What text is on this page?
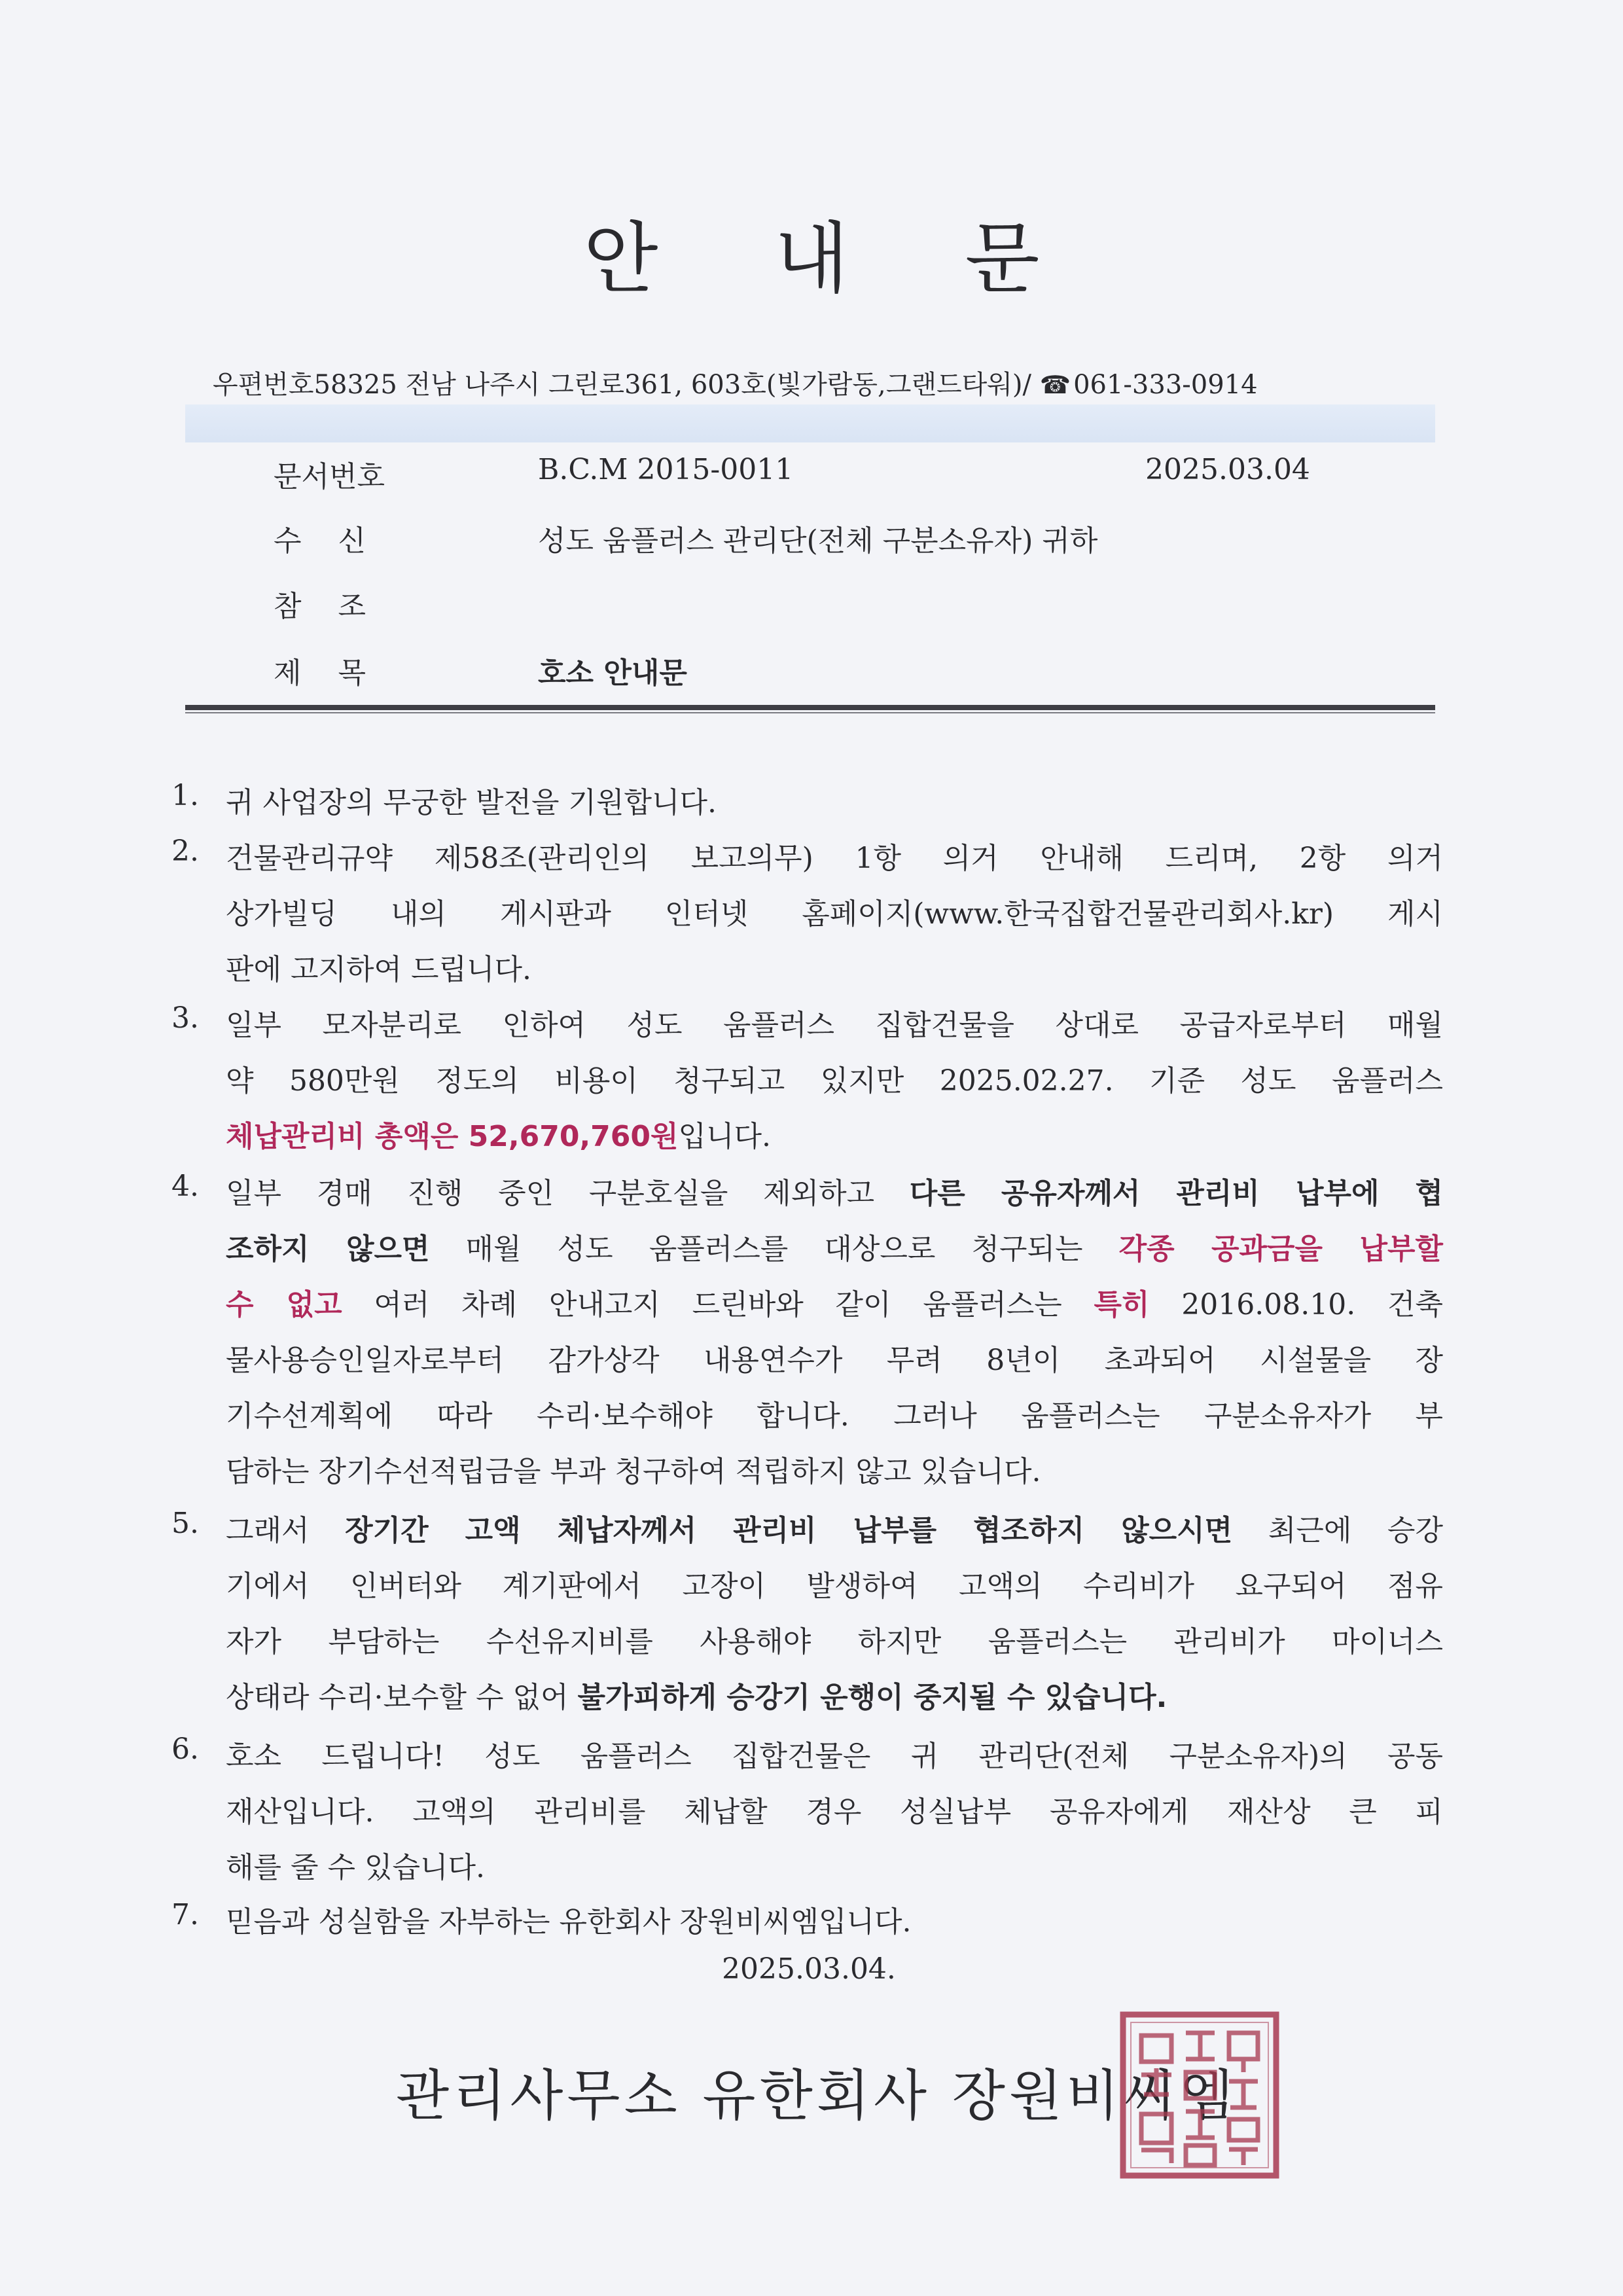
안 내 문
우편번호58325 전남 나주시 그린로361, 603호(빛가람동,그랜드타워)/ ☎ 061-333-0914
문서번호	B.C.M 2015-0011	2025.03.04
수    신	성도 움플러스 관리단(전체 구분소유자) 귀하
참    조
제    목	호소 안내문
1. 귀 사업장의 무궁한 발전을 기원합니다.
2. 건물관리규약 제58조(관리인의 보고의무) 1항 의거 안내해 드리며, 2항 의거
상가빌딩 내의 게시판과 인터넷 홈페이지(www.한국집합건물관리회사.kr) 게시
판에 고지하여 드립니다.
3. 일부 모자분리로 인하여 성도 움플러스 집합건물을 상대로 공급자로부터 매월
약 580만원 정도의 비용이 청구되고 있지만 2025.02.27. 기준 성도 움플러스
체납관리비 총액은 52,670,760원입니다.
4. 일부 경매 진행 중인 구분호실을 제외하고 다른 공유자께서 관리비 납부에 협
조하지 않으면 매월 성도 움플러스를 대상으로 청구되는 각종 공과금을 납부할
수 없고 여러 차례 안내고지 드린바와 같이 움플러스는 특히 2016.08.10. 건축
물사용승인일자로부터 감가상각 내용연수가 무려 8년이 초과되어 시설물을 장
기수선계획에 따라 수리·보수해야 합니다. 그러나 움플러스는 구분소유자가 부
담하는 장기수선적립금을 부과 청구하여 적립하지 않고 있습니다.
5. 그래서 장기간 고액 체납자께서 관리비 납부를 협조하지 않으시면 최근에 승강
기에서 인버터와 계기판에서 고장이 발생하여 고액의 수리비가 요구되어 점유
자가 부담하는 수선유지비를 사용해야 하지만 움플러스는 관리비가 마이너스
상태라 수리·보수할 수 없어 불가피하게 승강기 운행이 중지될 수 있습니다.
6. 호소 드립니다! 성도 움플러스 집합건물은 귀 관리단(전체 구분소유자)의 공동
재산입니다. 고액의 관리비를 체납할 경우 성실납부 공유자에게 재산상 큰 피
해를 줄 수 있습니다.
7. 믿음과 성실함을 자부하는 유한회사 장원비씨엠입니다.
2025.03.04.
관리사무소 유한회사 장원비씨엠
